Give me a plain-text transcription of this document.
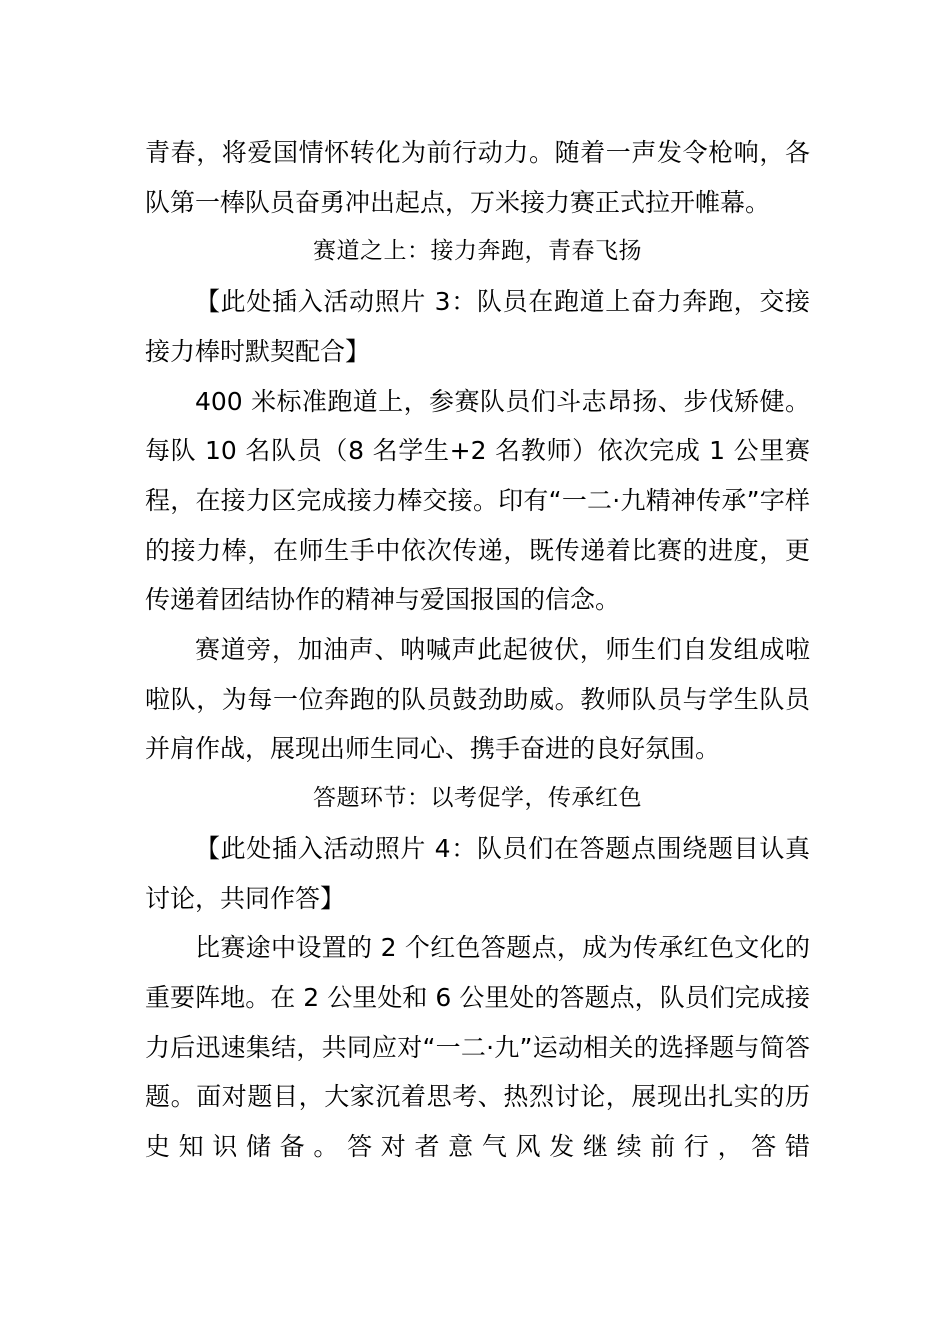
青春，将爱国情怀转化为前行动力。随着一声发令枪响，各队第一棒队员奋勇冲出起点，万米接力赛正式拉开帷幕。

赛道之上：接力奔跑，青春飞扬

【此处插入活动照片 3：队员在跑道上奋力奔跑，交接接力棒时默契配合】

400 米标准跑道上，参赛队员们斗志昂扬、步伐矫健。每队 10 名队员（8 名学生+2 名教师）依次完成 1 公里赛程，在接力区完成接力棒交接。印有“一二·九精神传承”字样的接力棒，在师生手中依次传递，既传递着比赛的进度，更传递着团结协作的精神与爱国报国的信念。

赛道旁，加油声、呐喊声此起彼伏，师生们自发组成啦啦队，为每一位奔跑的队员鼓劲助威。教师队员与学生队员并肩作战，展现出师生同心、携手奋进的良好氛围。

答题环节：以考促学，传承红色

【此处插入活动照片 4：队员们在答题点围绕题目认真讨论，共同作答】

比赛途中设置的 2 个红色答题点，成为传承红色文化的重要阵地。在 2 公里处和 6 公里处的答题点，队员们完成接力后迅速集结，共同应对“一二·九”运动相关的选择题与简答题。面对题目，大家沉着思考、热烈讨论，展现出扎实的历史知识储备。答对者意气风发继续前行，答错
